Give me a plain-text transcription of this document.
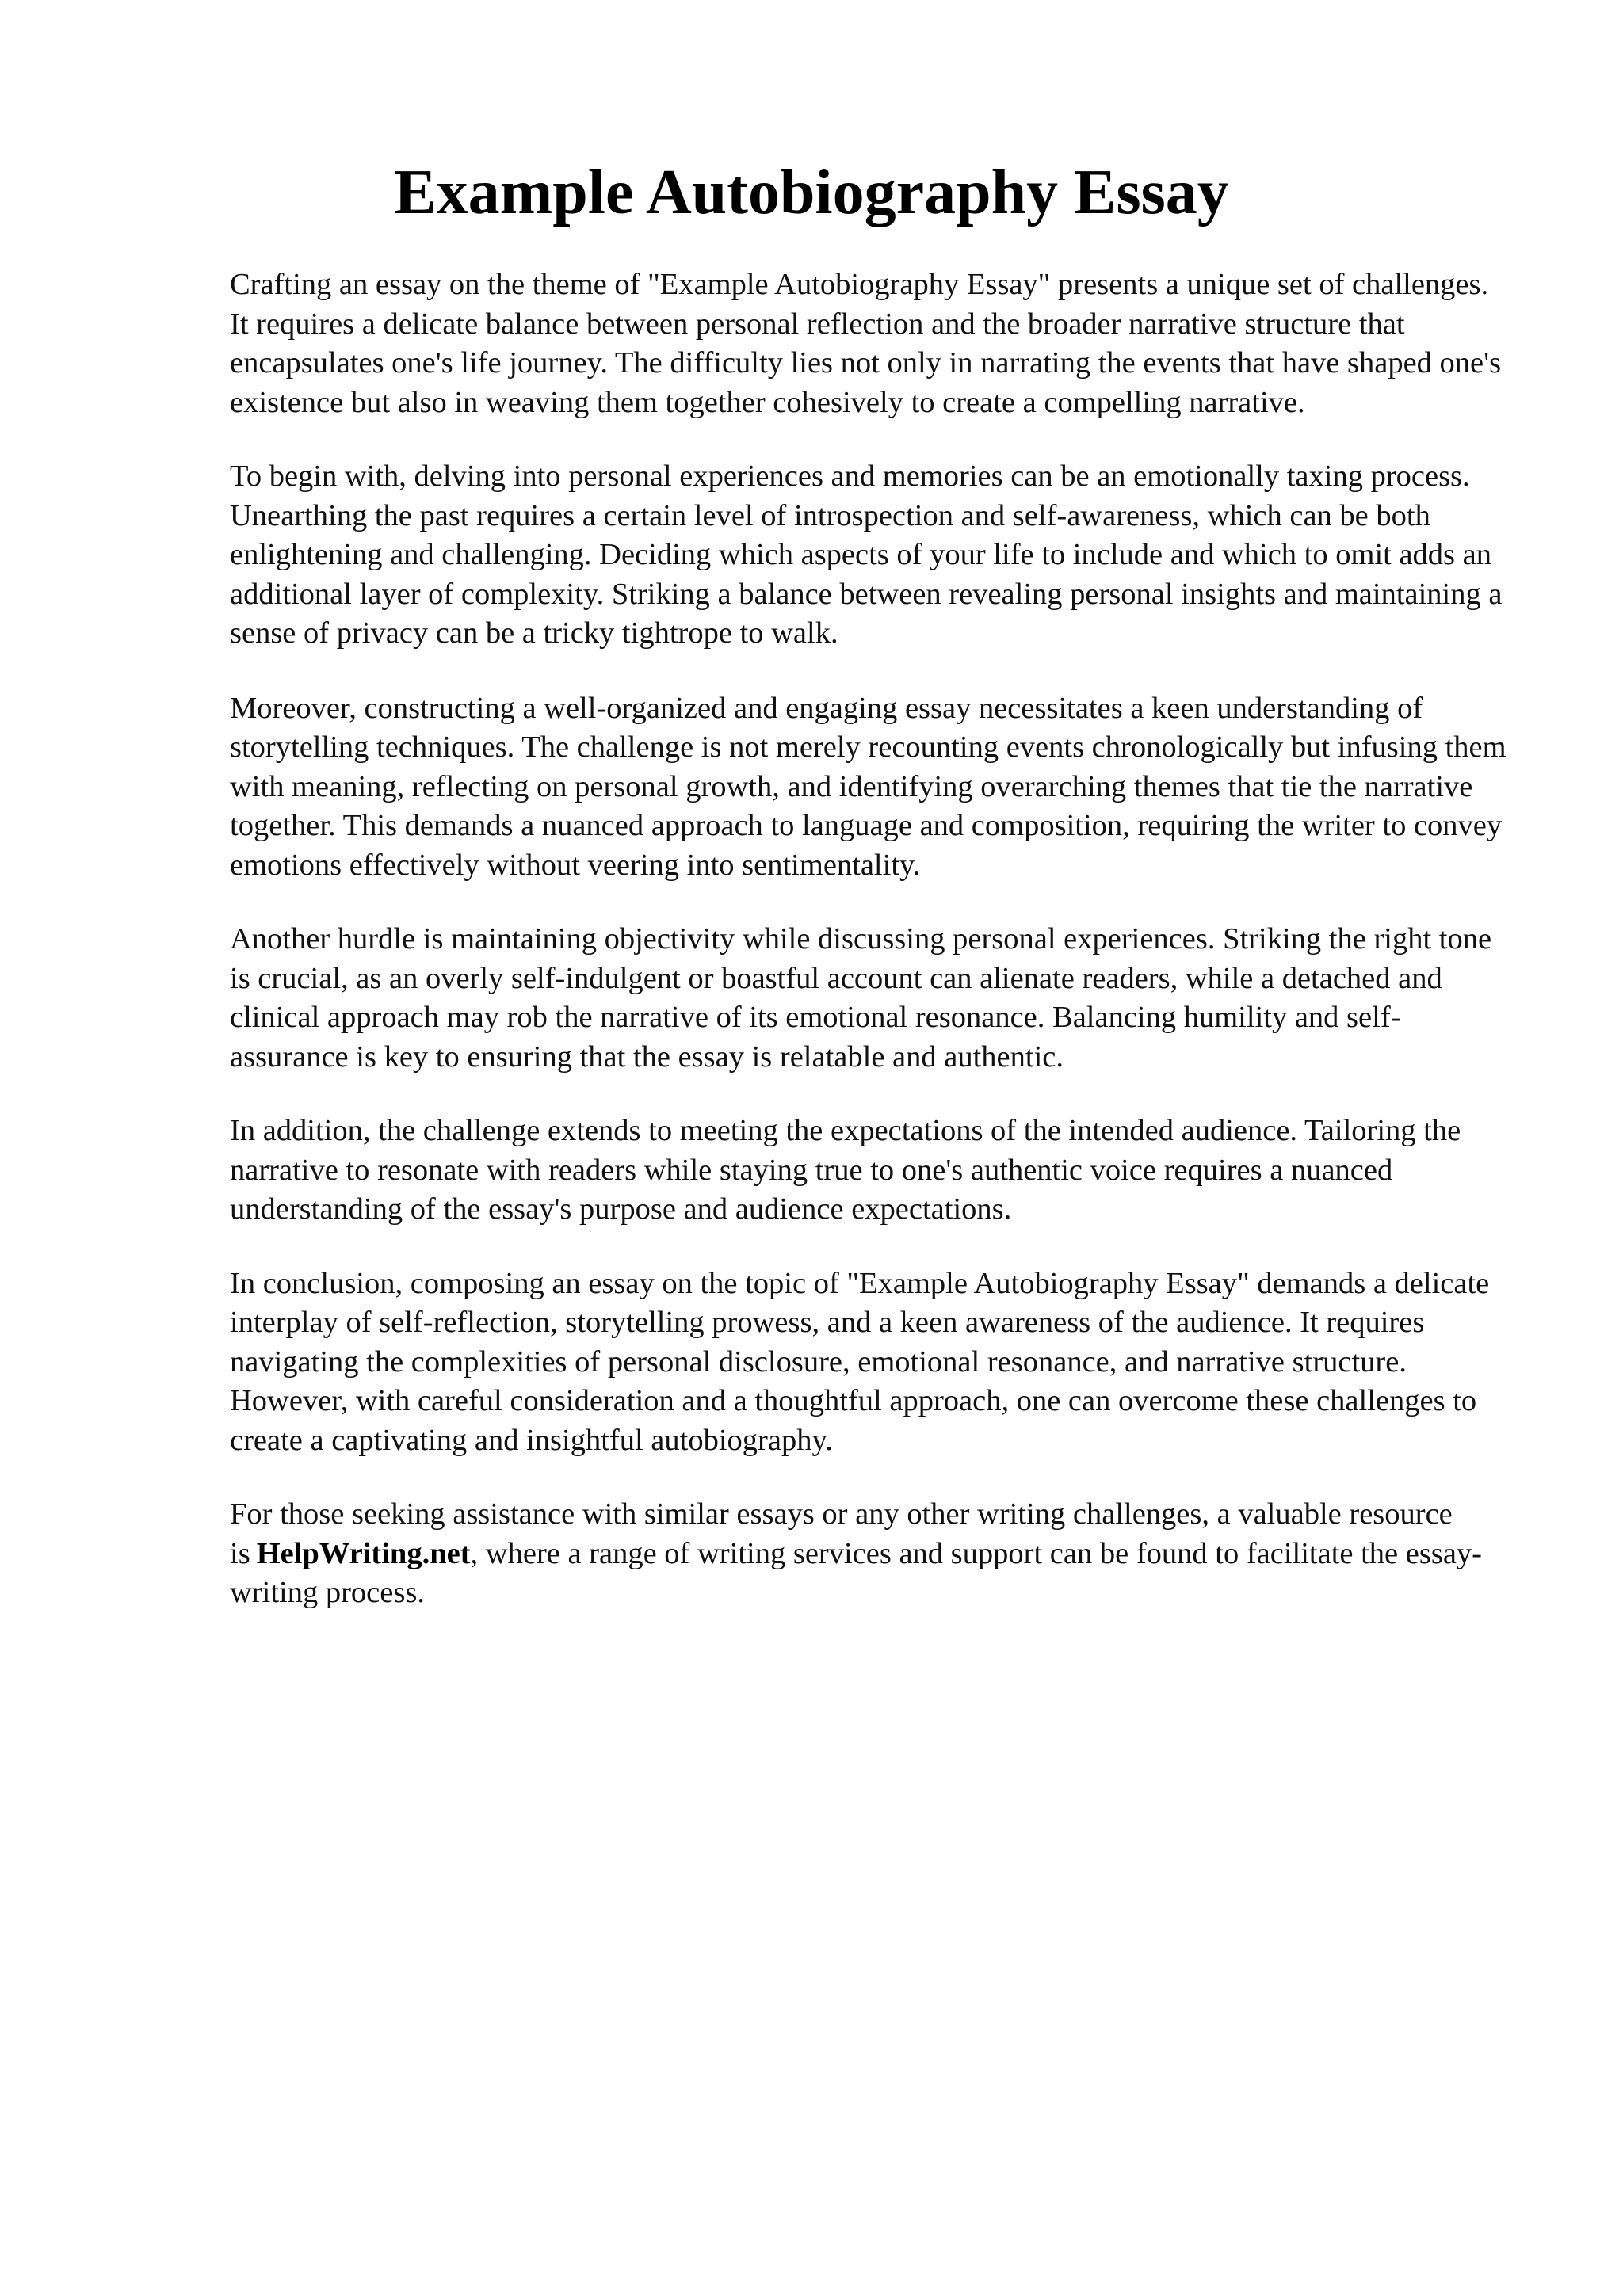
Example Autobiography Essay

Crafting an essay on the theme of "Example Autobiography Essay" presents a unique set of challenges. It requires a delicate balance between personal reflection and the broader narrative structure that encapsulates one's life journey. The difficulty lies not only in narrating the events that have shaped one's existence but also in weaving them together cohesively to create a compelling narrative.

To begin with, delving into personal experiences and memories can be an emotionally taxing process. Unearthing the past requires a certain level of introspection and self-awareness, which can be both enlightening and challenging. Deciding which aspects of your life to include and which to omit adds an additional layer of complexity. Striking a balance between revealing personal insights and maintaining a sense of privacy can be a tricky tightrope to walk.

Moreover, constructing a well-organized and engaging essay necessitates a keen understanding of storytelling techniques. The challenge is not merely recounting events chronologically but infusing them with meaning, reflecting on personal growth, and identifying overarching themes that tie the narrative together. This demands a nuanced approach to language and composition, requiring the writer to convey emotions effectively without veering into sentimentality.

Another hurdle is maintaining objectivity while discussing personal experiences. Striking the right tone is crucial, as an overly self-indulgent or boastful account can alienate readers, while a detached and clinical approach may rob the narrative of its emotional resonance. Balancing humility and self-assurance is key to ensuring that the essay is relatable and authentic.

In addition, the challenge extends to meeting the expectations of the intended audience. Tailoring the narrative to resonate with readers while staying true to one's authentic voice requires a nuanced understanding of the essay's purpose and audience expectations.

In conclusion, composing an essay on the topic of "Example Autobiography Essay" demands a delicate interplay of self-reflection, storytelling prowess, and a keen awareness of the audience. It requires navigating the complexities of personal disclosure, emotional resonance, and narrative structure. However, with careful consideration and a thoughtful approach, one can overcome these challenges to create a captivating and insightful autobiography.

For those seeking assistance with similar essays or any other writing challenges, a valuable resource is HelpWriting.net, where a range of writing services and support can be found to facilitate the essay-writing process.
